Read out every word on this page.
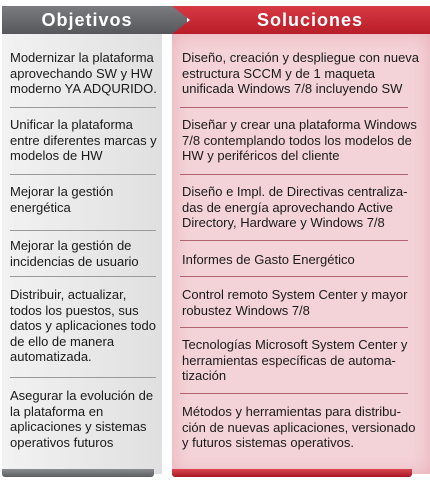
Objetivos	Soluciones
Modernizar la plataforma aprovechando SW y HW moderno YA ADQURIDO.
Diseño, creación y despliegue con nueva estructura SCCM y de 1 maqueta unificada Windows 7/8 incluyendo SW
Unificar la plataforma entre diferentes marcas y modelos de HW
Diseñar y crear una plataforma Windows 7/8 contemplando todos los modelos de HW y periféricos del cliente
Mejorar la gestión energética
Diseño e Impl. de Directivas centraliza-das de energía aprovechando Active Directory, Hardware y Windows 7/8
Mejorar la gestión de incidencias de usuario	Informes de Gasto Energético
Distribuir, actualizar, todos los puestos, sus datos y aplicaciones todo de ello de manera automatizada.
Control remoto System Center y mayor robustez Windows 7/8
Tecnologías Microsoft System Center y herramientas específicas de automa-tización
Asegurar la evolución de la plataforma en aplicaciones y sistemas operativos futuros
Métodos y herramientas para distribu-ción de nuevas aplicaciones, versionado y futuros sistemas operativos.
